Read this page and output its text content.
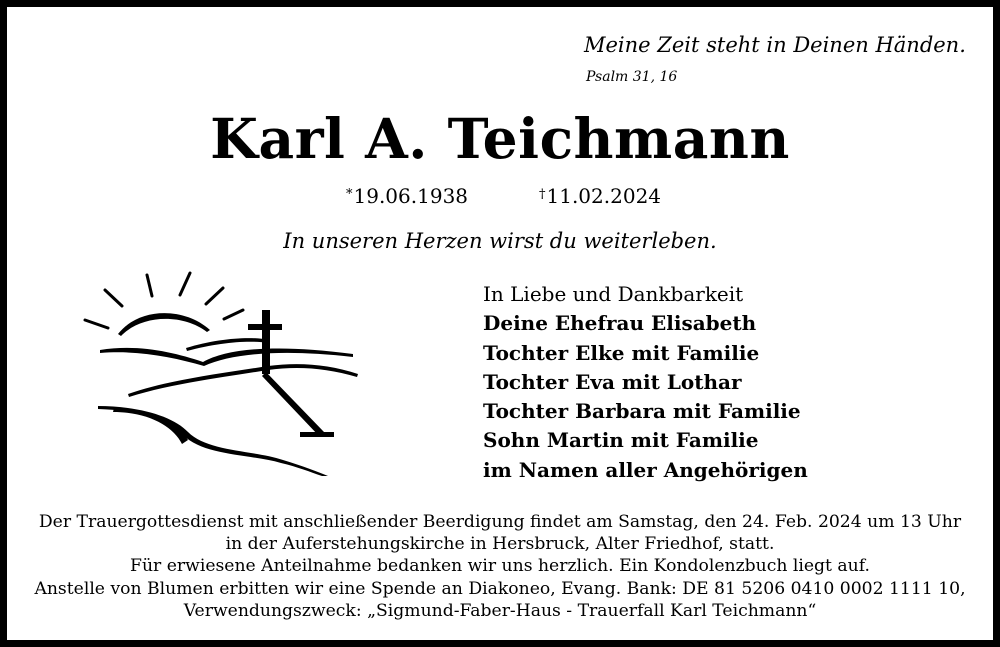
Meine Zeit steht in Deinen Händen.
Psalm 31, 16
Karl A. Teichmann
*19.06.1938	†11.02.2024
In unseren Herzen wirst du weiterleben.
In Liebe und Dankbarkeit
Deine Ehefrau Elisabeth
Tochter Elke mit Familie
Tochter Eva mit Lothar
Tochter Barbara mit Familie
Sohn Martin mit Familie
im Namen aller Angehörigen
Der Trauergottesdienst mit anschließender Beerdigung findet am Samstag, den 24. Feb. 2024 um 13 Uhr
in der Auferstehungskirche in Hersbruck, Alter Friedhof, statt.
Für erwiesene Anteilnahme bedanken wir uns herzlich. Ein Kondolenzbuch liegt auf.
Anstelle von Blumen erbitten wir eine Spende an Diakoneo, Evang. Bank: DE 81 5206 0410 0002 1111 10,
Verwendungszweck: „Sigmund-Faber-Haus - Trauerfall Karl Teichmann“
